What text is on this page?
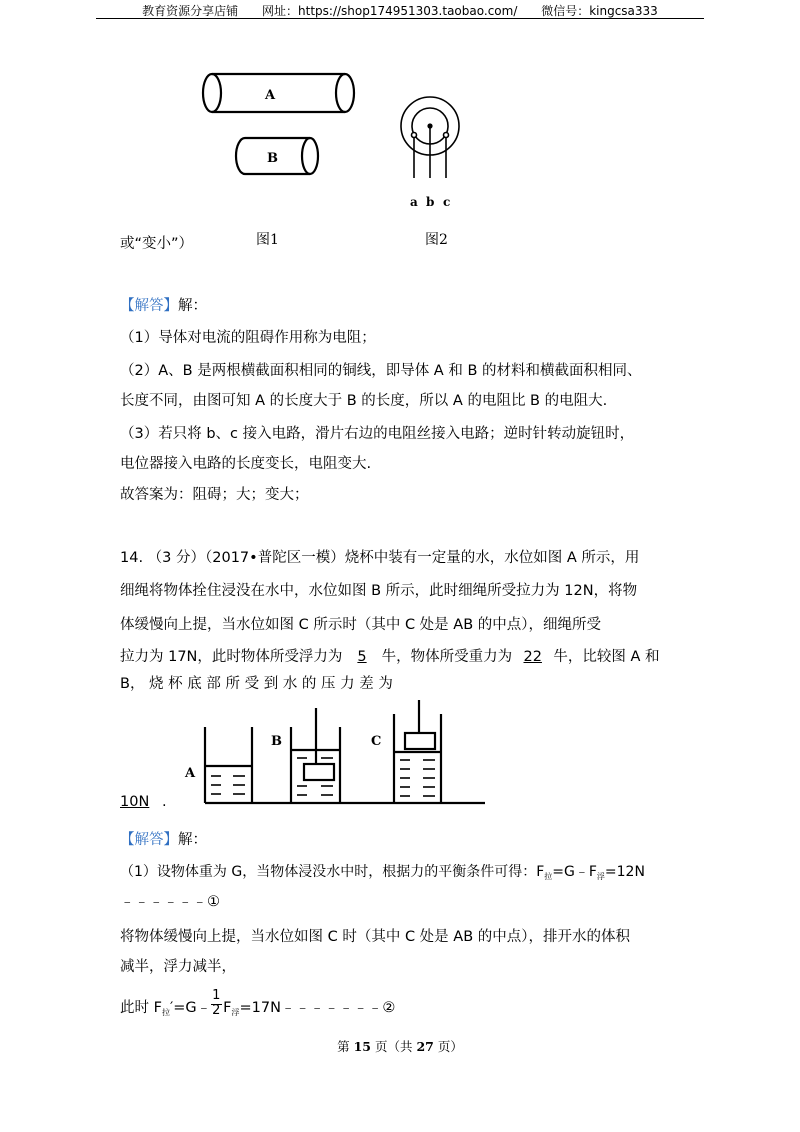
教育资源分享店铺 网址：https://shop174951303.taobao.com/ 微信号：kingcsa333
A
B
a b c
或“变小”）	图1	图2
【解答】解：
（1）导体对电流的阻碍作用称为电阻；
（2）A、B 是两根横截面积相同的铜线，即导体 A 和 B 的材料和横截面积相同、
长度不同，由图可知 A 的长度大于 B 的长度，所以 A 的电阻比 B 的电阻大.
（3）若只将 b、c 接入电路，滑片右边的电阻丝接入电路；逆时针转动旋钮时，
电位器接入电路的长度变长，电阻变大.
故答案为：阻碍；大；变大；
14. （3 分）（2017•普陀区一模）烧杯中装有一定量的水，水位如图 A 所示，用
细绳将物体拴住浸没在水中，水位如图 B 所示，此时细绳所受拉力为 12N，将物
体缓慢向上提，当水位如图 C 所示时（其中 C 处是 AB 的中点），细绳所受
拉力为 17N，此时物体所受浮力为 5 牛，物体所受重力为 22 牛，比较图 A 和
B， 烧 杯 底 部 所 受 到 水 的 压 力 差 为
A
B	C
10N .
【解答】解：
（1）设物体重为 G，当物体浸没水中时，根据力的平衡条件可得：$F_拉=G﹣F_浮=12N$
﹣﹣﹣﹣﹣﹣①
将物体缓慢向上提，当水位如图 C 时（其中 C 处是 AB 的中点），排开水的体积
减半，浮力减半，
此时 $F_拉'=G﹣$
$\frac{1}{2}$
$F_浮=17N﹣﹣﹣﹣﹣﹣﹣②$
第 15 页（共 27 页）
